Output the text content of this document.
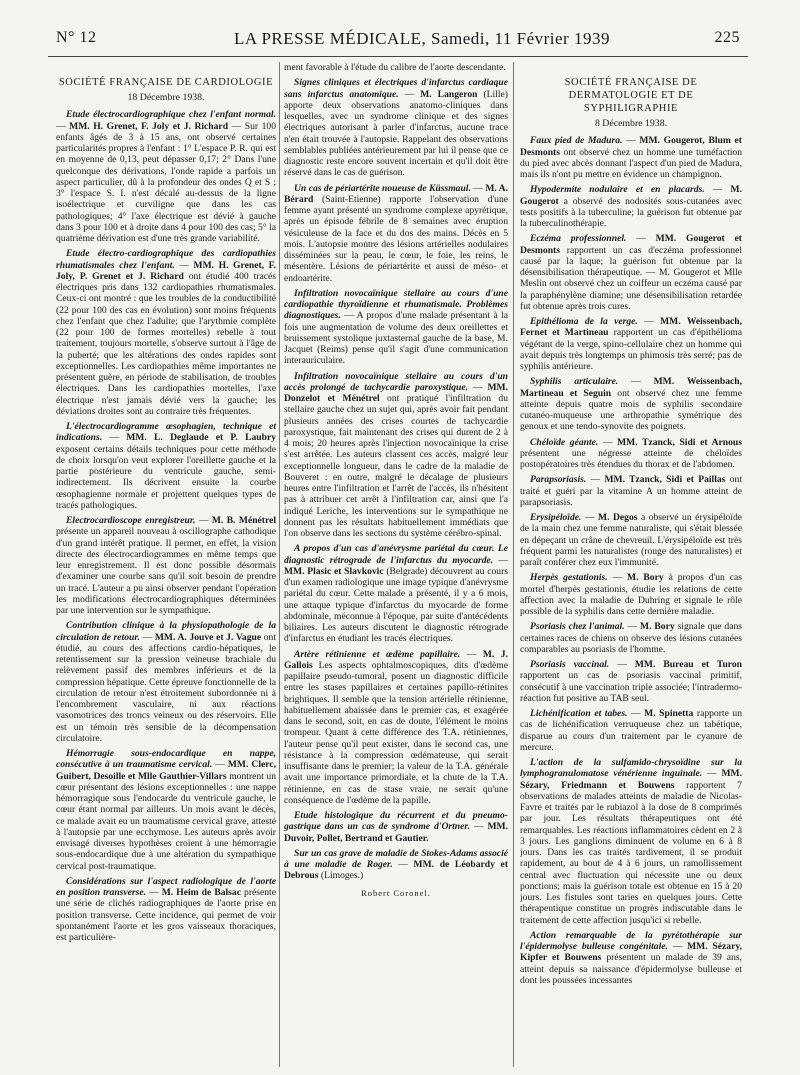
N° 12	LA PRESSE MÉDICALE, Samedi, 11 Février 1939	225
SOCIÉTÉ FRANÇAISE DE CARDIOLOGIE
18 Décembre 1938.

Etude électrocardiographique chez l'enfant normal. — MM. H. Grenet, F. Joly et J. Richard — Sur 100 enfants âgés de 3 à 15 ans, ont observé certaines particularités propres à l'enfant : 1° L'espace P. R. qui est en moyenne de 0,13, peut dépasser 0,17; 2° Dans l'une quelconque des dérivations, l'onde rapide a parfois un aspect particulier, dû à la profondeur des ondes Q et S ; 3° l'espace S. I. n'est décalé au-dessus de la ligne isoélectrique et curviligne que dans les cas pathologiques; 4° l'axe électrique est dévié à gauche dans 3 pour 100 et à droite dans 4 pour 100 des cas; 5° la quatrième dérivation est d'une très grande variabilité.

Etude électro-cardiographique des cardiopathies rhumatismales chez l'enfant. — MM. H. Grenet, F. Joly, P. Grenet et J. Richard ont étudié 400 tracés électriques pris dans 132 cardiopathies rhumatismales. Ceux-ci ont montré : que les troubles de la conductibilité (22 pour 100 des cas en évolution) sont moins fréquents chez l'enfant que chez l'adulte; que l'arythmie complète (22 pour 100 de formes mortelles) rebelle à tout traitement, toujours mortelle, s'observe surtout à l'âge de la puberté; que les altérations des ondes rapides sont exceptionnelles. Les cardiopathies même importantes ne présentent guère, en période de stabilisation, de troubles électriques. Dans les cardiopathies mortelles, l'axe électrique n'est jamais dévié vers la gauche; les déviations droites sont au contraire très fréquentes.

L'électrocardiogramme œsophagien, technique et indications. — MM. L. Deglaude et P. Laubry exposent certains détails techniques pour cette méthode de choix lorsqu'on veut explorer l'oreillette gauche et la partie postérieure du ventricule gauche, semi-indirectement. Ils décrivent ensuite la courbe œsophagienne normale et projettent quelques types de tracés pathologiques.

Electrocardioscope enregistreur. — M. B. Ménétrel présente un appareil nouveau à oscillographe cathodique d'un grand intérêt pratique. Il permet, en effet, la vision directe des électrocardiogrammes en même temps que leur enregistrement. Il est donc possible désormais d'examiner une courbe sans qu'il soit besoin de prendre un tracé. L'auteur a pu ainsi observer pendant l'opération les modifications électrocardiographiques déterminées par une intervention sur le sympathique.

Contribution clinique à la physiopathologie de la circulation de retour. — MM. A. Jouve et J. Vague ont étudié, au cours des affections cardio-hépatiques, le retentissement sur la pression veineuse brachiale du relèvement passif des membres inférieurs et de la compression hépatique. Cette épreuve fonctionnelle de la circulation de retour n'est étroitement subordonnée ni à l'encombrement vasculaire, ni aux réactions vasomotrices des troncs veineux ou des réservoirs. Elle est un témoin très sensible de la décompensation circulatoire.

Hémorragie sous-endocardique en nappe, consécutive à un traumatisme cervical. — MM. Clerc, Guibert, Desoille et Mlle Gauthier-Villars montrent un cœur présentant des lésions exceptionnelles : une nappe hémorragique sous l'endocarde du ventricule gauche, le cœur étant normal par ailleurs. Un mois avant le décès, ce malade avait eu un traumatisme cervical grave, attesté à l'autopsie par une ecchymose. Les auteurs après avoir envisagé diverses hypothèses croient à une hémorragie sous-endocardique due à une altération du sympathique cervical post-traumatique.

Considérations sur l'aspect radiologique de l'aorte en position transverse. — M. Heim de Balsac présente une série de clichés radiographiques de l'aorte prise en position transverse. Cette incidence, qui permet de voir spontanément l'aorte et les gros vaisseaux thoraciques, est particulière-

ment favorable à l'étude du calibre de l'aorte descendante.

Signes cliniques et électriques d'infarctus cardiaque sans infarctus anatomique. — M. Langeron (Lille) apporte deux observations anatomo-cliniques dans lesquelles, avec un syndrome clinique et des signes électriques autorisant à parler d'infarctus, aucune trace n'en était trouvée à l'autopsie. Rappelant des observations semblables publiées antérieurement par lui il pense que ce diagnostic reste encore souvent incertain et qu'il doit être réservé dans le cas de guérison.

Un cas de périartérite noueuse de Küssmaul. — M. A. Bérard (Saint-Etienne) rapporte l'observation d'une femme ayant présenté un syndrome complexe apyrétique, après un épisode fébrile de 8 semaines avec éruption vésiculeuse de la face et du dos des mains. Décès en 5 mois. L'autopsie montre des lésions artérielles nodulaires disséminées sur la peau, le cœur, le foie, les reins, le mésentère. Lésions de périartérite et aussi de méso- et endoartérite.

Infiltration novocaïnique stellaire au cours d'une cardiopathie thyroïdienne et rhumatismale. Problèmes diagnostiques. — A propos d'une malade présentant à la fois une augmentation de volume des deux oreillettes et bruissement systolique juxtasternal gauche de la base, M. Jacquet (Reims) pense qu'il s'agit d'une communication interauriculaire.

Infiltration novocaïnique stellaire au cours d'un accès prolongé de tachycardie paroxystique. — MM. Donzelot et Ménétrel ont pratiqué l'infiltration du stellaire gauche chez un sujet qui, après avoir fait pendant plusieurs années des crises courtes de tachycardie paroxystique, fait maintenant des crises qui durent de 2 à 4 mois; 20 heures après l'injection novocaïnique la crise s'est arrêtée. Les auteurs classent ces accès, malgré leur exceptionnelle longueur, dans le cadre de la maladie de Bouveret : en outre, malgré le décalage de plusieurs heures entre l'infiltration et l'arrêt de l'accès, ils n'hésitent pas à attribuer cet arrêt à l'infiltration car, ainsi que l'a indiqué Leriche, les interventions sur le sympathique ne donnent pas les résultats habituellement immédiats que l'on observe dans les sections du système cérébro-spinal.

A propos d'un cas d'anévrysme pariétal du cœur. Le diagnostic rétrograde de l'infarctus du myocarde. — MM. Plasic et Slavkovic (Belgrade) découvrent au cours d'un examen radiologique une image typique d'anévrysme pariétal du cœur. Cette malade a présenté, il y a 6 mois, une attaque typique d'infarctus du myocarde de forme abdominale, méconnue à l'époque, par suite d'antécédents biliaires. Les auteurs discutent le diagnostic rétrograde d'infarctus en étudiant les tracés électriques.

Artère rétinienne et œdème papillaire. — M. J. Gallois Les aspects ophtalmoscopiques, dits d'œdème papillaire pseudo-tumoral, posent un diagnostic difficile entre les stases papillaires et certaines papillo-rétinites brightiques. Il semble que la tension artérielle rétinienne, habituellement abaissée dans le premier cas, et exagérée dans le second, soit, en cas de doute, l'élément le moins trompeur. Quant à cette différence des T.A. rétiniennes, l'auteur pense qu'il peut exister, dans le second cas, une résistance à la compression œdémateuse, qui serait insuffisante dans le premier; la valeur de la T.A. générale avait une importance primordiale, et la chute de la T.A. rétinienne, en cas de stase vraie, ne serait qu'une conséquence de l'œdème de la papille.

Etude histologique du récurrent et du pneumo-gastrique dans un cas de syndrome d'Ortner. — MM. Duvoir, Pollet, Bertrand et Gautier.

Sur un cas grave de maladie de Stokes-Adams associé à une maladie de Roger. — MM. de Léobardy et Debrous (Limoges.)

Robert Coronel.
SOCIÉTÉ FRANÇAISE DE DERMATOLOGIE ET DE SYPHILIGRAPHIE
8 Décembre 1938.

Faux pied de Madura. — MM. Gougerot, Blum et Desmonts ont observé chez un homme une tuméfaction du pied avec abcès donnant l'aspect d'un pied de Madura, mais ils n'ont pu mettre en évidence un champignon.

Hypodermite nodulaire et en placards. — M. Gougerot a observé des nodosités sous-cutanées avec tests positifs à la tuberculine; la guérison fut obtenue par la tuberculinothérapie.

Eczéma professionnel. — MM. Gougerot et Desmonts rapportent un cas d'eczéma professionnel causé par la laque; la guérison fut obtenue par la désensibilisation thérapeutique. — M. Gougerot et Mlle Meslin ont observé chez un coiffeur un eczéma causé par la paraphénylène diamine; une désensibilisation retardée fut obtenue après trois cures.

Epithélioma de la verge. — MM. Weissenbach, Fernet et Martineau rapportent un cas d'épithélioma végétant de la verge, spino-cellulaire chez un homme qui avait depuis très longtemps un phimosis très serré; pas de syphilis antérieure.

Syphilis articulaire. — MM. Weissenbach, Martineau et Seguin ont observé chez une femme atteinte depuis quatre mois de syphilis secondaire cutanéo-muqueuse une arthropathie symétrique des genoux et une tendo-synovite des poignets.

Chéloïde géante. — MM. Tzanck, Sidi et Arnous présentent une négresse atteinte de chéloïdes postopératoires très étendues du thorax et de l'abdomen.

Parapsoriasis. — MM. Tzanck, Sidi et Paillas ont traité et guéri par la vitamine A un homme atteint de parapsoriasis.

Erysipéloïde. — M. Degos a observé un érysipéloïde de la main chez une femme naturaliste, qui s'était blessée en dépeçant un crâne de chevreuil. L'érysipéloïde est très fréquent parmi les naturalistes (rouge des naturalistes) et paraît conférer chez eux l'immunité.

Herpès gestationis. — M. Bory à propos d'un cas mortel d'herpès gestationis, étudie les relations de cette affection avec la maladie de Duhring et signale le rôle possible de la syphilis dans cette dernière maladie.

Psoriasis chez l'animal. — M. Bory signale que dans certaines races de chiens on observe des lésions cutanées comparables au psoriasis de l'homme.

Psoriasis vaccinal. — MM. Bureau et Turon rapportent un cas de psoriasis vaccinal primitif, consécutif à une vaccination triple associée; l'intradermo-réaction fut positive au TAB seul.

Lichénification et tabes. — M. Spinetta rapporte un cas de lichénification verruqueuse chez un tabétique, disparue au cours d'un traitement par le cyanure de mercure.

L'action de la sulfamido-chrysoïdine sur la lymphogranulomatose vénérienne inguinale. — MM. Sézary, Friedmann et Bouwens rapportent 7 observations de malades atteints de maladie de Nicolas-Favre et traités par le rubiazol à la dose de 8 comprimés par jour. Les résultats thérapeutiques ont été remarquables. Les réactions inflammatoires cèdent en 2 à 3 jours. Les ganglions diminuent de volume en 6 à 8 jours. Dans les cas traités tardivement, il se produit rapidement, au bout de 4 à 6 jours, un ramollissement central avec fluctuation qui nécessite une ou deux ponctions; mais la guérison totale est obtenue en 15 à 20 jours. Les fistules sont taries en quelques jours. Cette thérapeutique constitue un progrès indiscutable dans le traitement de cette affection jusqu'ici si rebelle.

Action remarquable de la pyrétothérapie sur l'épidermolyse bulleuse congénitale. — MM. Sézary, Kipfer et Bouwens présentent un malade de 39 ans, atteint depuis sa naissance d'épidermolyse bulleuse et dont les poussées incessantes
